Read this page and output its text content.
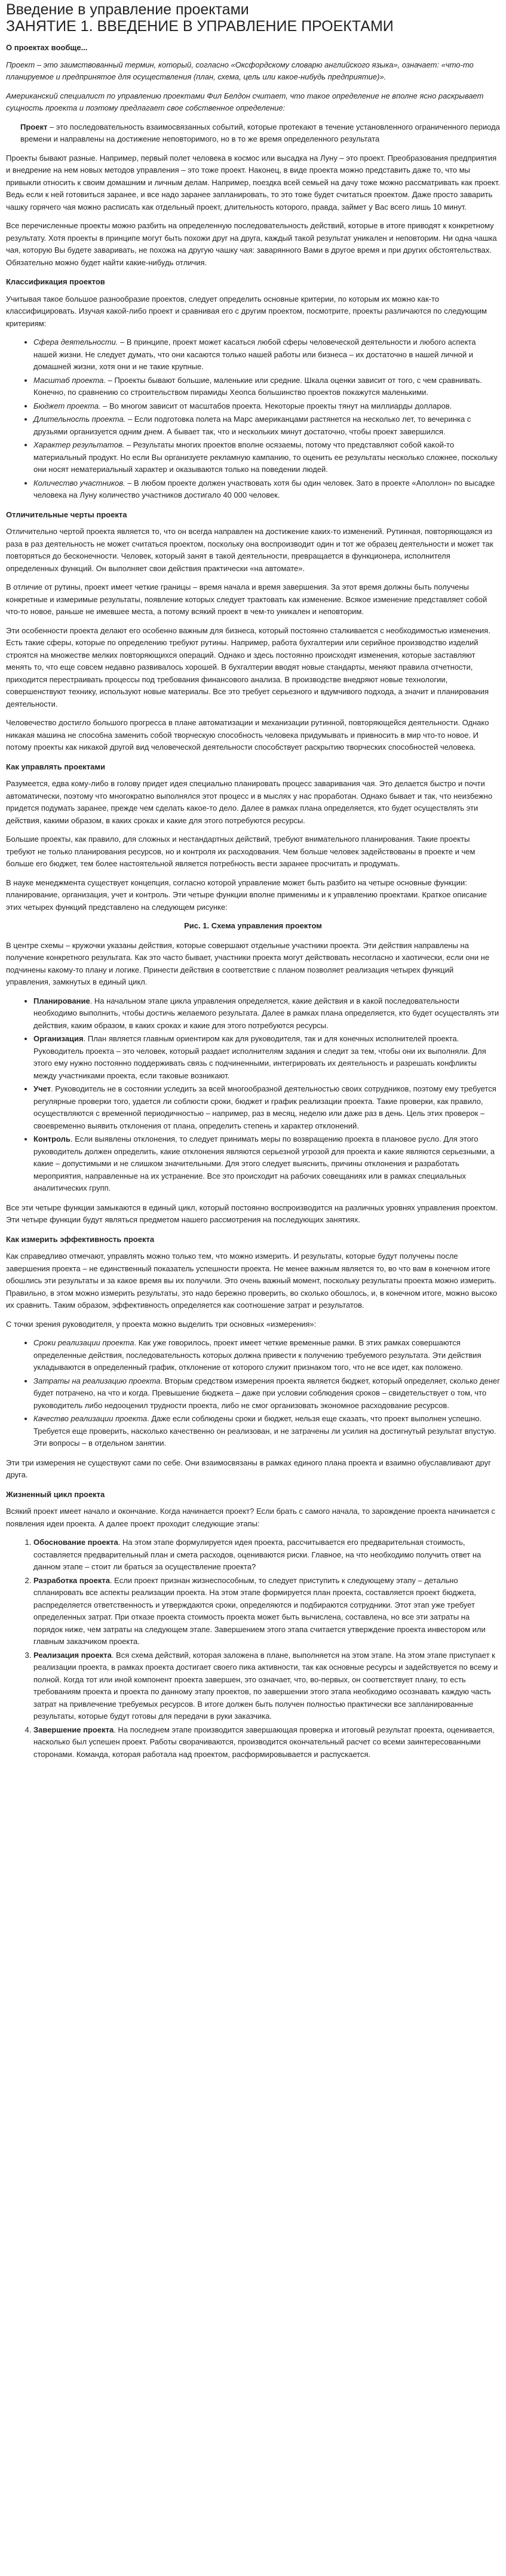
Введение в управление проектами
ЗАНЯТИЕ 1. ВВЕДЕНИЕ В УПРАВЛЕНИЕ ПРОЕКТАМИ
О проектах вообще...

Проект – это заимствованный термин, который, согласно «Оксфордскому словарю английского языка», означает: «что-то планируемое и предпринятое для осуществления (план, схема, цель или какое-нибудь предприятие)».

Американский специалист по управлению проектами Фил Белдон считает, что такое определение не вполне ясно раскрывает сущность проекта и поэтому предлагает свое собственное определение:

Проект – это последовательность взаимосвязанных событий, которые протекают в течение установленного ограниченного периода времени и направлены на достижение неповторимого, но в то же время определенного результата

Проекты бывают разные. Например, первый полет человека в космос или высадка на Луну – это проект. Преобразования предприятия и внедрение на нем новых методов управления – это тоже проект. Наконец, в виде проекта можно представить даже то, что мы привыкли относить к своим домашним и личным делам. Например, поездка всей семьей на дачу тоже можно рассматривать как проект. Ведь если к ней готовиться заранее, и все надо заранее запланировать, то это тоже будет считаться проектом. Даже просто заварить чашку горячего чая можно расписать как отдельный проект, длительность которого, правда, займет у Вас всего лишь 10 минут.

Все перечисленные проекты можно разбить на определенную последовательность действий, которые в итоге приводят к конкретному результату. Хотя проекты в принципе могут быть похожи друг на друга, каждый такой результат уникален и неповторим. Ни одна чашка чая, которую Вы будете заваривать, не похожа на другую чашку чая: заварянного Вами в другое время и при других обстоятельствах. Обязательно можно будет найти какие-нибудь отличия.

Классификация проектов

Учитывая такое большое разнообразие проектов, следует определить основные критерии, по которым их можно как-то классифицировать. Изучая какой-либо проект и сравнивая его с другим проектом, посмотрите, проекты различаются по следующим критериям:

• Сфера деятельности. – В принципе, проект может касаться любой сферы человеческой деятельности и любого аспекта нашей жизни. Не следует думать, что они касаются только нашей работы или бизнеса – их достаточно в нашей личной и домашней жизни, хотя они и не такие крупные.
• Масштаб проекта. – Проекты бывают большие, маленькие или средние. Шкала оценки зависит от того, с чем сравнивать. Конечно, по сравнению со строительством пирамиды Хеопса большинство проектов покажутся маленькими.
• Бюджет проекта. – Во многом зависит от масштабов проекта. Некоторые проекты тянут на миллиарды долларов.
• Длительность проекта. – Если подготовка полета на Марс американцами растянется на несколько лет, то вечеринка с друзьями организуется одним днем. А бывает так, что и нескольких минут достаточно, чтобы проект завершился.
• Характер результатов. – Результаты многих проектов вполне осязаемы, потому что представляют собой какой-то материальный продукт. Но если Вы организуете рекламную кампанию, то оценить ее результаты несколько сложнее, поскольку они носят нематериальный характер и оказываются только на поведении людей.
• Количество участников. – В любом проекте должен участвовать хотя бы один человек. Зато в проекте «Аполлон» по высадке человека на Луну количество участников достигало 40 000 человек.
Отличительные черты проекта

Отличительно чертой проекта является то, что он всегда направлен на достижение каких-то изменений. Рутинная, повторяющаяся из раза в раз деятельность не может считаться проектом, поскольку она воспроизводит один и тот же образец деятельности и может так повторяться до бесконечности. Человек, который занят в такой деятельности, превращается в функционера, исполнителя определенных функций. Он выполняет свои действия практически «на автомате».

В отличие от рутины, проект имеет четкие границы – время начала и время завершения. За этот время должны быть получены конкретные и измеримые результаты, появление которых следует трактовать как изменение. Всякое изменение представляет собой что-то новое, раньше не имевшее места, а потому всякий проект в чем-то уникален и неповторим.

Эти особенности проекта делают его особенно важным для бизнеса, который постоянно сталкивается с необходимостью изменения. Есть такие сферы, которые по определению требуют рутины. Например, работа бухгалтерии или серийное производство изделий строятся на множестве мелких повторяющихся операций. Однако и здесь постоянно происходят изменения, которые заставляют менять то, что еще совсем недавно развивалось хорошей. В бухгалтерии вводят новые стандарты, меняют правила отчетности, приходится перестраивать процессы под требования финансового анализа. В производстве внедряют новые технологии, совершенствуют технику, используют новые материалы. Все это требует серьезного и вдумчивого подхода, а значит и планирования деятельности.

Человечество достигло большого прогресса в плане автоматизации и механизации рутинной, повторяющейся деятельности. Однако никакая машина не способна заменить собой творческую способность человека придумывать и привносить в мир что-то новое. И потому проекты как никакой другой вид человеческой деятельности способствует раскрытию творческих способностей человека.

Как управлять проектами

Разумеется, едва кому-либо в голову придет идея специально планировать процесс заваривания чая. Это делается быстро и почти автоматически, поэтому что многократно выполнялся этот процесс и в мыслях у нас проработан. Однако бывает и так, что неизбежно придется подумать заранее, прежде чем сделать какое-то дело. Далее в рамках плана определяется, кто будет осуществлять эти действия, какими образом, в каких сроках и какие для этого потребуются ресурсы.

Большие проекты, как правило, для сложных и нестандартных действий, требуют внимательного планирования. Такие проекты требуют не только планирования ресурсов, но и контроля их расходования. Чем больше человек задействованы в проекте и чем больше его бюджет, тем более настоятельной является потребность вести заранее просчитать и продумать.

В науке менеджмента существует концепция, согласно которой управление может быть разбито на четыре основные функции: планирование, организация, учет и контроль. Эти четыре функции вполне применимы и к управлению проектами. Краткое описание этих четырех функций представлено на следующем рисунке:

Рис. 1. Схема управления проектом

В центре схемы – кружочки указаны действия, которые совершают отдельные участники проекта. Эти действия направлены на получение конкретного результата. Как это часто бывает, участники проекта могут действовать несогласно и хаотически, если они не подчинены какому-то плану и логике. Принести действия в соответствие с планом позволяет реализация четырех функций управления, замкнутых в единый цикл.

• Планирование. На начальном этапе цикла управления определяется, какие действия и в какой последовательности необходимо выполнить, чтобы достичь желаемого результата. Далее в рамках плана определяется, кто будет осуществлять эти действия, каким образом, в каких сроках и какие для этого потребуются ресурсы.
• Организация. План является главным ориентиром как для руководителя, так и для конечных исполнителей проекта. Руководитель проекта – это человек, который раздает исполнителям задания и следит за тем, чтобы они их выполняли. Для этого ему нужно постоянно поддерживать связь с подчиненными, интегрировать их деятельность и разрешать конфликты между участниками проекта, если таковые возникают.
• Учет. Руководитель не в состоянии уследить за всей многообразной деятельностью своих сотрудников, поэтому ему требуется регулярные проверки того, удается ли соблюсти сроки, бюджет и график реализации проекта. Такие проверки, как правило, осуществляются с временной периодичностью – например, раз в месяц, неделю или даже раз в день. Цель этих проверок – своевременно выявить отклонения от плана, определить степень и характер отклонений.
• Контроль. Если выявлены отклонения, то следует принимать меры по возвращению проекта в плановое русло. Для этого руководитель должен определить, какие отклонения являются серьезной угрозой для проекта и какие являются серьезными, а какие – допустимыми и не слишком значительными. Для этого следует выяснить, причины отклонения и разработать мероприятия, направленные на их устранение. Все это происходит на рабочих совещаниях или в рамках специальных аналитических групп.

Все эти четыре функции замыкаются в единый цикл, который постоянно воспроизводится на различных уровнях управления проектом. Эти четыре функции будут являться предметом нашего рассмотрения на последующих занятиях.

Как измерить эффективность проекта

Как справедливо отмечают, управлять можно только тем, что можно измерить. И результаты, которые будут получены после завершения проекта – не единственный показатель успешности проекта. Не менее важным является то, во что вам в конечном итоге обошлись эти результаты и за какое время вы их получили. Это очень важный момент, поскольку результаты проекта можно измерить. Правильно, в этом можно измерить результаты, это надо бережно проверить, во сколько обошлось, и, в конечном итоге, можно высоко их сравнить. Таким образом, эффективность определяется как соотношение затрат и результатов.

С точки зрения руководителя, у проекта можно выделить три основных «измерения»:

• Сроки реализации проекта. Как уже говорилось, проект имеет четкие временные рамки. В этих рамках совершаются определенные действия, последовательность которых должна привести к получению требуемого результата. Эти действия укладываются в определенный график, отклонение от которого служит признаком того, что не все идет, как положено.
• Затраты на реализацию проекта. Вторым средством измерения проекта является бюджет, который определяет, сколько денег будет потрачено, на что и когда. Превышение бюджета – даже при условии соблюдения сроков – свидетельствует о том, что руководитель либо недооценил трудности проекта, либо не смог организовать экономное расходование ресурсов.
• Качество реализации проекта. Даже если соблюдены сроки и бюджет, нельзя еще сказать, что проект выполнен успешно. Требуется еще проверить, насколько качественно он реализован, и не затрачены ли усилия на достигнутый результат впустую. Эти вопросы – в отдельном занятии.

Эти три измерения не существуют сами по себе. Они взаимосвязаны в рамках единого плана проекта и взаимно обуславливают друг друга.

Жизненный цикл проекта

Всякий проект имеет начало и окончание. Когда начинается проект? Если брать с самого начала, то зарождение проекта начинается с появления идеи проекта. А далее проект проходит следующие этапы:

1. Обоснование проекта. На этом этапе формулируется идея проекта, рассчитывается его предварительная стоимость, составляется предварительный план и смета расходов, оцениваются риски. Главное, на что необходимо получить ответ на данном этапе – стоит ли браться за осуществление проекта?
2. Разработка проекта. Если проект признан жизнеспособным, то следует приступить к следующему этапу – детально спланировать все аспекты реализации проекта. На этом этапе формируется план проекта, составляется проект бюджета, распределяется ответственность и утверждаются сроки, определяются и подбираются сотрудники. Этот этап уже требует определенных затрат. При отказе проекта стоимость проекта может быть вычислена, составлена, но все эти затраты на порядок ниже, чем затраты на следующем этапе. Завершением этого этапа считается утверждение проекта инвестором или главным заказчиком проекта.
3. Реализация проекта. Вся схема действий, которая заложена в плане, выполняется на этом этапе. На этом этапе приступает к реализации проекта, в рамках проекта достигает своего пика активности, так как основные ресурсы и задействуется по всему и полной. Когда тот или иной компонент проекта завершен, это означает, что, во-первых, он соответствует плану, то есть требованиям проекта и проекта по данному этапу проектов, по завершении этого этапа необходимо осознавать каждую часть затрат на привлечение требуемых ресурсов. В итоге должен быть получен полностью практически все запланированные результаты, которые будут готовы для передачи в руки заказчика.
4. Завершение проекта. На последнем этапе производится завершающая проверка и итоговый результат проекта, оценивается, насколько был успешен проект. Работы сворачиваются, производится окончательный расчет со всеми заинтересованными сторонами. Команда, которая работала над проектом, расформировывается и распускается.
